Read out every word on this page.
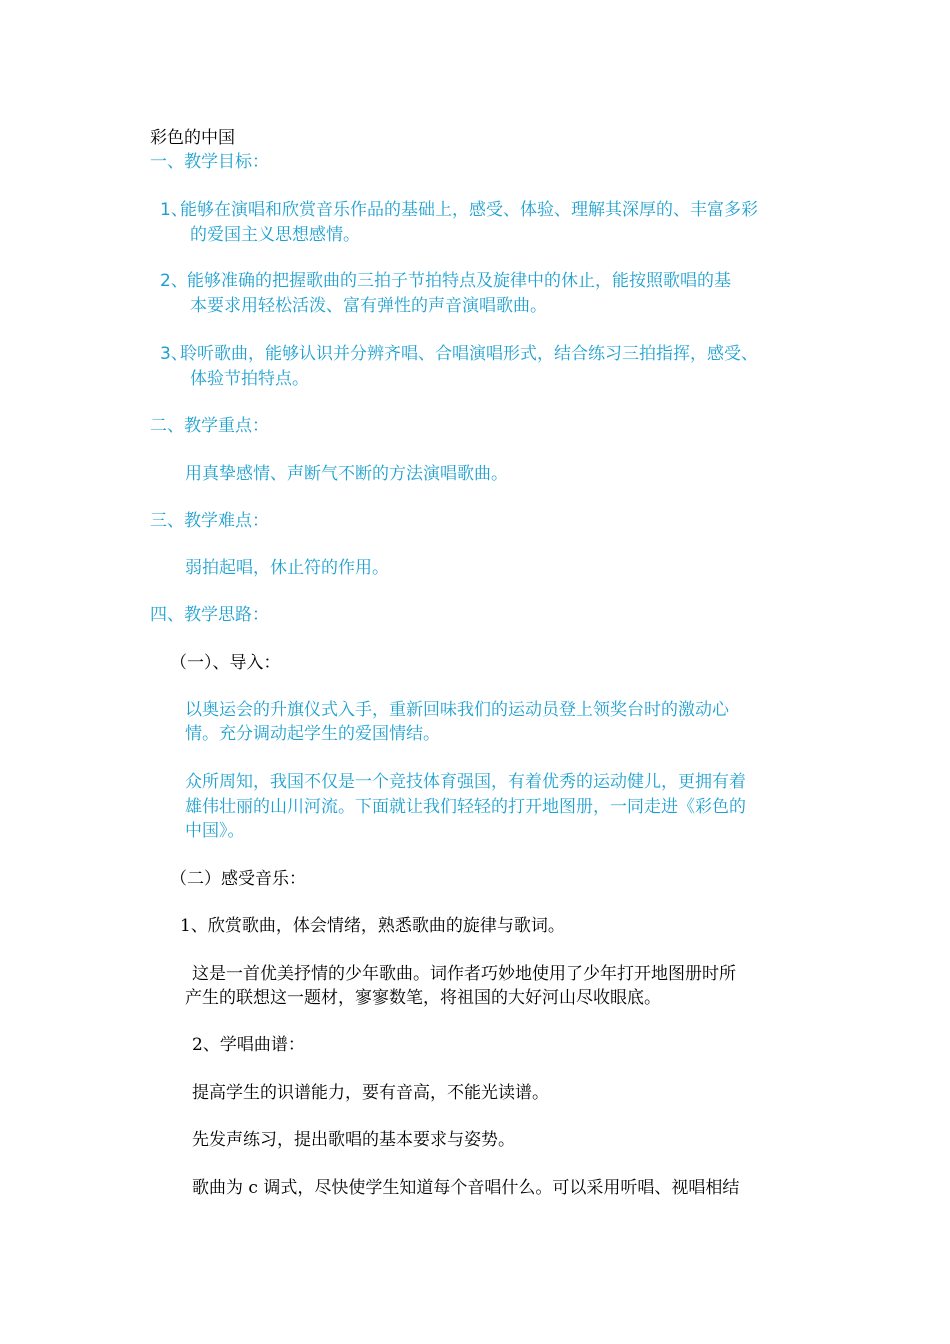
彩色的中国
一、教学目标：
1、
能够在演唱和欣赏音乐作品的基础上，感受、体验、理解其深厚的、丰富多彩
的爱国主义思想感情。
2、 能够准确的把握歌曲的三拍子节拍特点及旋律中的休止，能按照歌唱的基
本要求用轻松活泼、富有弹性的声音演唱歌曲。
3、
聆听歌曲，能够认识并分辨齐唱、合唱演唱形式，结合练习三拍指挥，感受、
体验节拍特点。
二、教学重点：
用真挚感情、声断气不断的方法演唱歌曲。
三、教学难点：
弱拍起唱，休止符的作用。
四、教学思路：
（一）、导入：
以奥运会的升旗仪式入手，重新回味我们的运动员登上领奖台时的激动心
情。充分调动起学生的爱国情结。
众所周知，我国不仅是一个竞技体育强国，有着优秀的运动健儿，更拥有着
雄伟壮丽的山川河流。下面就让我们轻轻的打开地图册，一同走进《彩色的
中国》。
（二）感受音乐：
1、欣赏歌曲，体会情绪，熟悉歌曲的旋律与歌词。
这是一首优美抒情的少年歌曲。词作者巧妙地使用了少年打开地图册时所
产生的联想这一题材，寥寥数笔，将祖国的大好河山尽收眼底。
2、学唱曲谱：
提高学生的识谱能力，要有音高，不能光读谱。
先发声练习，提出歌唱的基本要求与姿势。
歌曲为 c 调式，尽快使学生知道每个音唱什么。可以采用听唱、视唱相结
